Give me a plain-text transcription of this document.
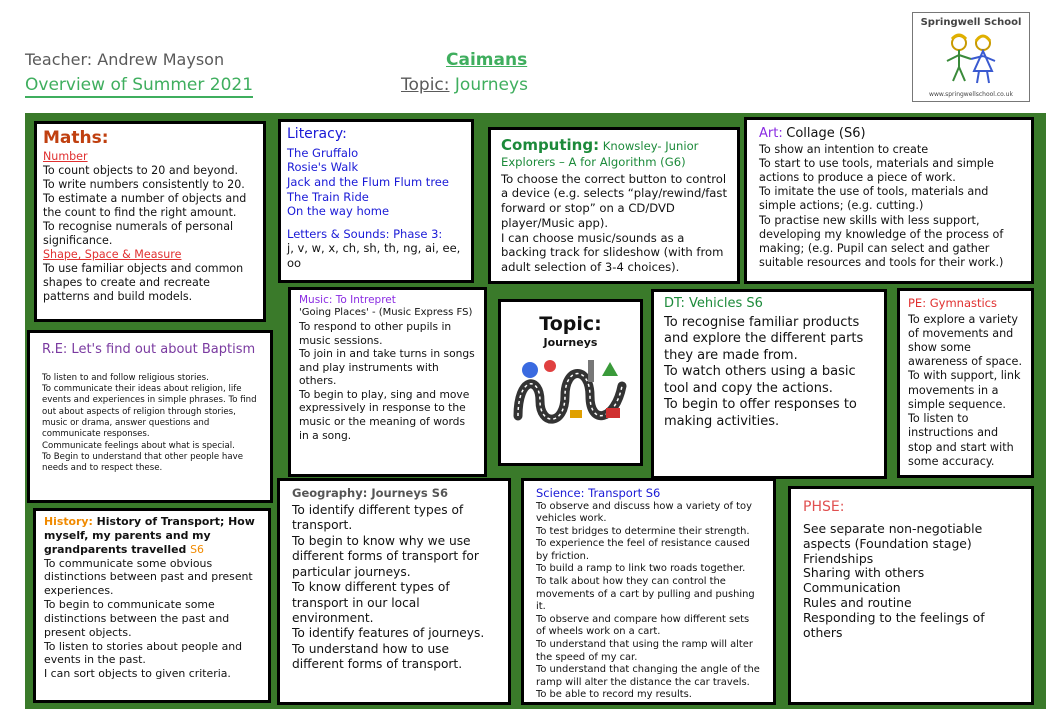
Teacher: Andrew Mayson
Overview of Summer 2021
Caimans
Topic: Journeys
Springwell School
www.springwellschool.co.uk
Maths:
Number
To count objects to 20 and beyond.
To write numbers consistently to 20.
To estimate a number of objects and the count to find the right amount.
To recognise numerals of personal significance.
Shape, Space & Measure
To use familiar objects and common shapes to create and recreate patterns and build models.
Literacy:
The Gruffalo
Rosie's Walk
Jack and the Flum Flum tree
The Train Ride
On the way home
Letters & Sounds: Phase 3:
j, v, w, x, ch, sh, th, ng, ai, ee, oo
Computing: Knowsley- Junior Explorers – A for Algorithm (G6)
To choose the correct button to control a device (e.g. selects “play/rewind/fast forward or stop” on a CD/DVD player/Music app).
I can choose music/sounds as a backing track for slideshow (with from adult selection of 3-4 choices).
Art: Collage (S6)
To show an intention to create
To start to use tools, materials and simple actions to produce a piece of work.
To imitate the use of tools, materials and simple actions; (e.g. cutting.)
To practise new skills with less support, developing my knowledge of the process of making; (e.g. Pupil can select and gather suitable resources and tools for their work.)
Music: To Intrepret
'Going Places' - (Music Express FS)
To respond to other pupils in music sessions.
To join in and take turns in songs and play instruments with others.
To begin to play, sing and move expressively in response to the music or the meaning of words in a song.
Topic:
Journeys
DT: Vehicles S6
To recognise familiar products and explore the different parts they are made from.
To watch others using a basic tool and copy the actions.
To begin to offer responses to making activities.
PE: Gymnastics
To explore a variety of movements and show some awareness of space.
To with support, link movements in a simple sequence.
To listen to instructions and stop and start with some accuracy.
R.E: Let's find out about Baptism
To listen to and follow religious stories.
To communicate their ideas about religion, life events and experiences in simple phrases. To find out about aspects of religion through stories, music or drama, answer questions and communicate responses.
Communicate feelings about what is special.
To Begin to understand that other people have needs and to respect these.
History: History of Transport; How myself, my parents and my grandparents travelled S6
To communicate some obvious distinctions between past and present experiences.
To begin to communicate some distinctions between the past and present objects.
To listen to stories about people and events in the past.
I can sort objects to given criteria.
Geography: Journeys S6
To identify different types of transport.
To begin to know why we use different forms of transport for particular journeys.
To know different types of transport in our local environment.
To identify features of journeys.
To understand how to use different forms of transport.
Science: Transport S6
To observe and discuss how a variety of toy vehicles work.
To test bridges to determine their strength.
To experience the feel of resistance caused by friction.
To build a ramp to link two roads together.
To talk about how they can control the movements of a cart by pulling and pushing it.
To observe and compare how different sets of wheels work on a cart.
To understand that using the ramp will alter the speed of my car.
To understand that changing the angle of the ramp will alter the distance the car travels.
To be able to record my results.
PHSE:
See separate non-negotiable aspects (Foundation stage)
Friendships
Sharing with others
Communication
Rules and routine
Responding to the feelings of others
